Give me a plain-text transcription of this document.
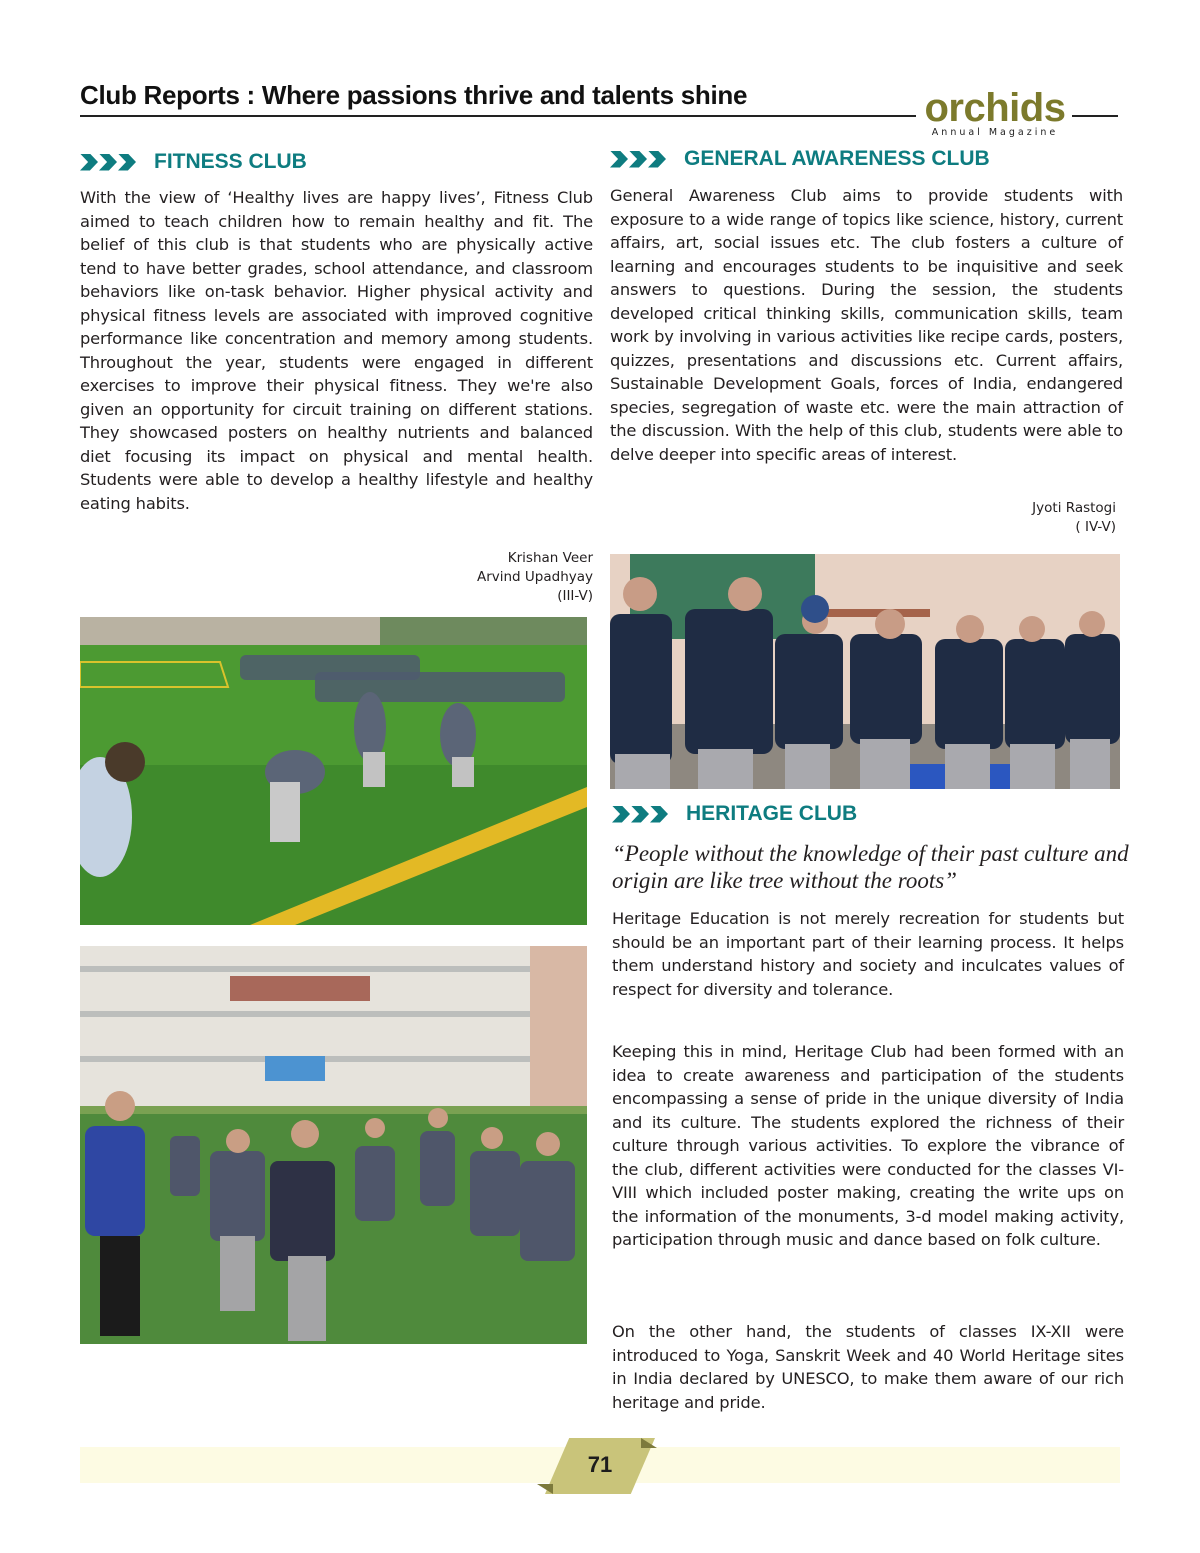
Club Reports : Where passions thrive and talents shine	orchids
Annual Magazine
FITNESS CLUB

With the view of ‘Healthy lives are happy lives’, Fitness Club aimed to teach children how to remain healthy and fit. The belief of this club is that students who are physically active tend to have better grades, school attendance, and classroom behaviors like on-task behavior. Higher physical activity and physical fitness levels are associated with improved cognitive performance like concentration and memory among students. Throughout the year, students were engaged in different exercises to improve their physical fitness. They we're also given an opportunity for circuit training on different stations. They showcased posters on healthy nutrients and balanced diet focusing its impact on physical and mental health. Students were able to develop a healthy lifestyle and healthy eating habits.

Krishan Veer
Arvind Upadhyay
(III-V)
GENERAL AWARENESS CLUB

General Awareness Club aims to provide students with exposure to a wide range of topics like science, history, current affairs, art, social issues etc. The club fosters a culture of learning and encourages students to be inquisitive and seek answers to questions. During the session, the students developed critical thinking skills, communication skills, team work by involving in various activities like recipe cards, posters, quizzes, presentations and discussions etc. Current affairs, Sustainable Development Goals, forces of India, endangered species, segregation of waste etc. were the main attraction of the discussion. With the help of this club, students were able to delve deeper into specific areas of interest.

Jyoti Rastogi
( IV-V)
HERITAGE CLUB
“People without the knowledge of their past culture and origin are like tree without the roots”

Heritage Education is not merely recreation for students but should be an important part of their learning process. It helps them understand history and society and inculcates values of respect for diversity and tolerance.

Keeping this in mind, Heritage Club had been formed with an idea to create awareness and participation of the students encompassing a sense of pride in the unique diversity of India and its culture. The students explored the richness of their culture through various activities. To explore the vibrance of the club, different activities were conducted for the classes VI-VIII which included poster making, creating the write ups on the information of the monuments, 3-d model making activity, participation through music and dance based on folk culture.

On the other hand, the students of classes IX-XII were introduced to Yoga, Sanskrit Week and 40 World Heritage sites in India declared by UNESCO, to make them aware of our rich heritage and pride.

71
